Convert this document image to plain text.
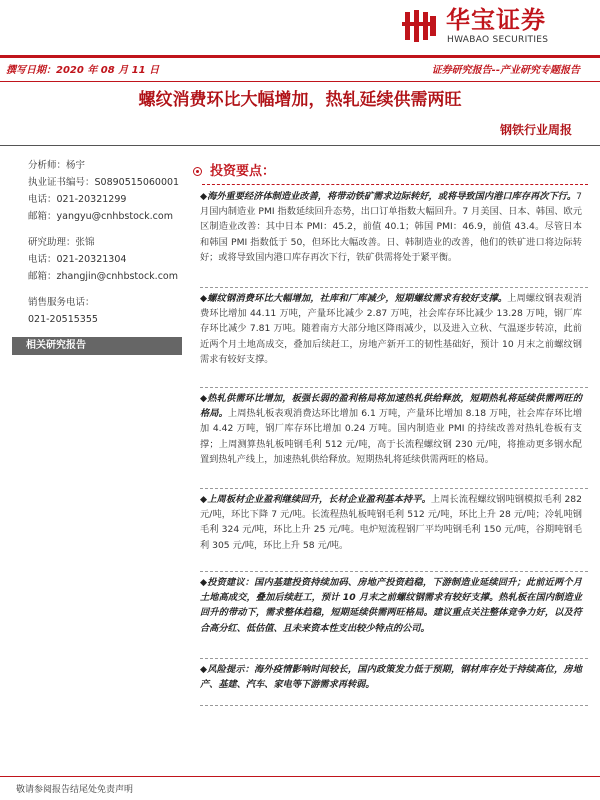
华宝证券
HWABAO SECURITIES
撰写日期：2020 年 08 月 11 日	证券研究报告--产业研究专题报告
螺纹消费环比大幅增加，热轧延续供需两旺
钢铁行业周报
分析师：杨宇
执业证书编号：S0890515060001
电话：021-20321299
邮箱：yangyu@cnhbstock.com
研究助理：张锦
电话：021-20321304
邮箱：zhangjin@cnhbstock.com
销售服务电话：
021-20515355
相关研究报告
投资要点：
◆海外重要经济体制造业改善，将带动铁矿需求边际转好，或将导致国内港口库存再次下行。7 月国内制造业 PMI 指数延续回升态势，出口订单指数大幅回升。7 月美国、日本、韩国、欧元区制造业改善：其中日本 PMI：45.2，前值 40.1；韩国 PMI：46.9，前值 43.4。尽管日本和韩国 PMI 指数低于 50，但环比大幅改善。日、韩制造业的改善，他们的铁矿进口将边际转好；或将导致国内港口库存再次下行，铁矿供需将处于紧平衡。
◆螺纹钢消费环比大幅增加，社库和厂库减少，短期螺纹需求有较好支撑。上周螺纹钢表观消费环比增加 44.11 万吨，产量环比减少 2.87 万吨，社会库存环比减少 13.28 万吨，钢厂库存环比减少 7.81 万吨。随着南方大部分地区降雨减少，以及进入立秋、气温逐步转凉，此前近两个月土地高成交，叠加后续赶工，房地产新开工的韧性基础好，预计 10 月末之前螺纹钢需求有较好支撑。
◆热轧供需环比增加，板强长弱的盈利格局将加速热轧供给释放，短期热轧将延续供需两旺的格局。上周热轧板表观消费达环比增加 6.1 万吨，产量环比增加 8.18 万吨，社会库存环比增加 4.42 万吨，钢厂库存环比增加 0.24 万吨。国内制造业 PMI 的持续改善对热轧卷板有支撑；上周测算热轧板吨钢毛利 512 元/吨，高于长流程螺纹钢 230 元/吨，将推动更多钢水配置到热轧产线上，加速热轧供给释放。短期热轧将延续供需两旺的格局。
◆上周板材企业盈利继续回升，长材企业盈利基本持平。上周长流程螺纹钢吨钢模拟毛利 282 元/吨，环比下降 7 元/吨。长流程热轧板吨钢毛利 512 元/吨，环比上升 28 元/吨；冷轧吨钢毛利 324 元/吨，环比上升 25 元/吨。电炉短流程钢厂平均吨钢毛利 150 元/吨，谷期吨钢毛利 305 元/吨，环比上升 58 元/吨。
◆投资建议：国内基建投资持续加码、房地产投资趋稳，下游制造业延续回升；此前近两个月土地高成交，叠加后续赶工，预计 10 月末之前螺纹钢需求有较好支撑。热轧板在国内制造业回升的带动下，需求整体趋稳，短期延续供需两旺格局。建议重点关注整体竞争力好，以及符合高分红、低估值、且未来资本性支出较少特点的公司。
◆风险提示：海外疫情影响时间较长，国内政策发力低于预期，钢材库存处于持续高位，房地产、基建、汽车、家电等下游需求再转弱。
敬请参阅报告结尾处免责声明
